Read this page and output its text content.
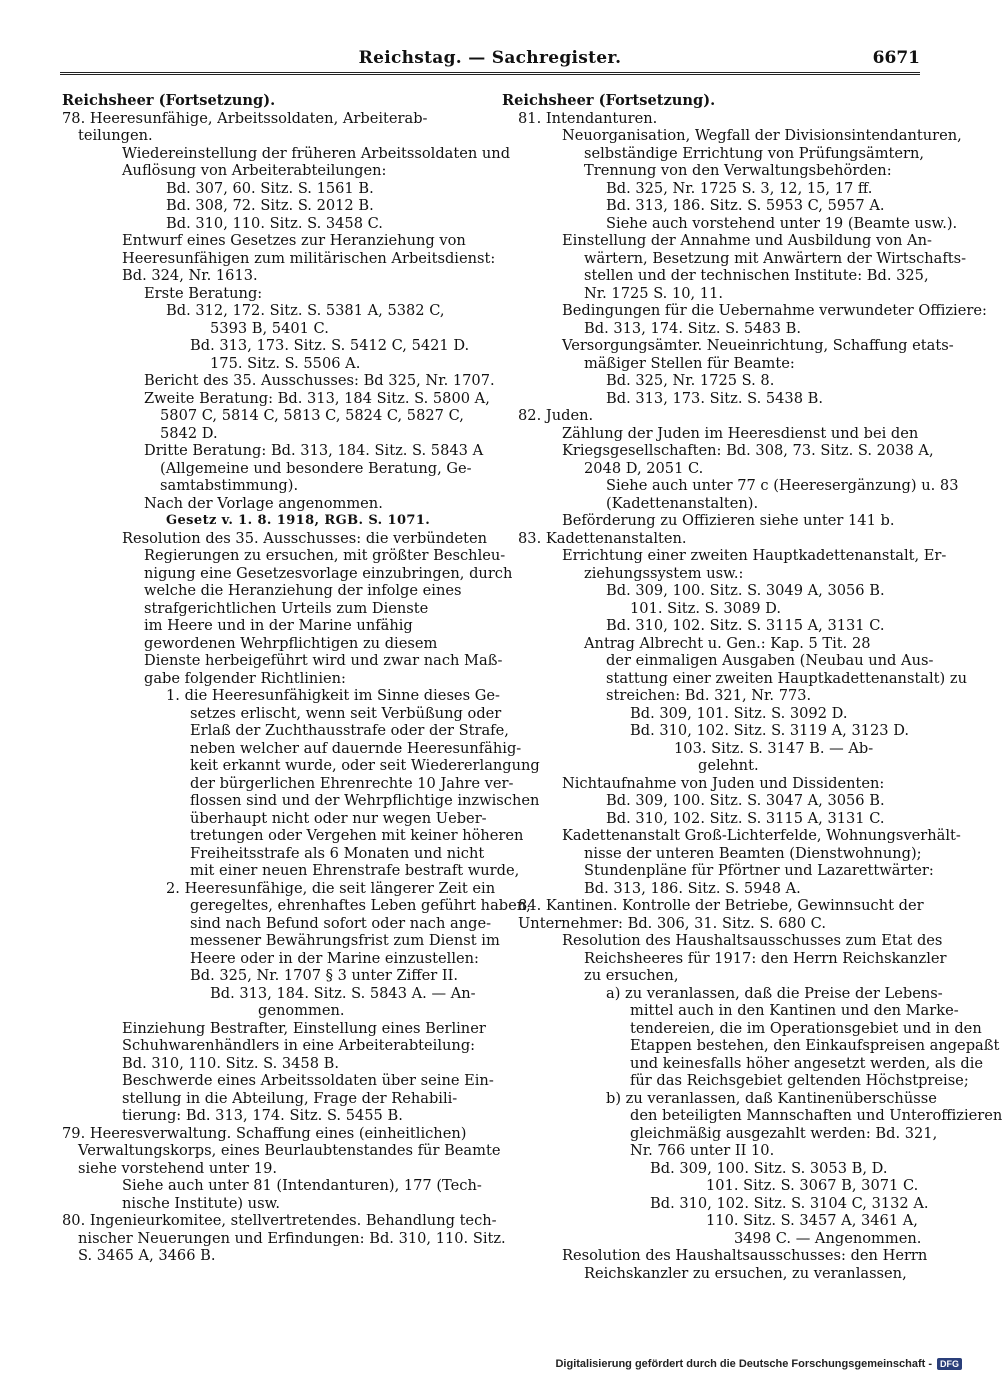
Reichstag. — Sachregister.	6671
Reichsheer (Fortsetzung).
78. Heeresunfähige, Arbeitssoldaten, Arbeiterab-
teilungen.
Wiedereinstellung der früheren Arbeitssoldaten und
Auflösung von Arbeiterabteilungen:
Bd. 307, 60. Sitz. S. 1561 B.
Bd. 308, 72. Sitz. S. 2012 B.
Bd. 310, 110. Sitz. S. 3458 C.
Entwurf eines Gesetzes zur Heranziehung von
Heeresunfähigen zum militärischen Arbeitsdienst:
Bd. 324, Nr. 1613.
Erste Beratung:
Bd. 312, 172. Sitz. S. 5381 A, 5382 C,
5393 B, 5401 C.
Bd. 313, 173. Sitz. S. 5412 C, 5421 D.
175. Sitz. S. 5506 A.
Bericht des 35. Ausschusses: Bd 325, Nr. 1707.
Zweite Beratung: Bd. 313, 184 Sitz. S. 5800 A,
5807 C, 5814 C, 5813 C, 5824 C, 5827 C,
5842 D.
Dritte Beratung: Bd. 313, 184. Sitz. S. 5843 A
(Allgemeine und besondere Beratung, Ge-
samtabstimmung).
Nach der Vorlage angenommen.
Gesetz v. 1. 8. 1918, RGB. S. 1071.
Resolution des 35. Ausschusses: die verbündeten
Regierungen zu ersuchen, mit größter Beschleu-
nigung eine Gesetzesvorlage einzubringen, durch
welche die Heranziehung der infolge eines
strafgerichtlichen Urteils zum Dienste
im Heere und in der Marine unfähig
gewordenen Wehrpflichtigen zu diesem
Dienste herbeigeführt wird und zwar nach Maß-
gabe folgender Richtlinien:
1. die Heeresunfähigkeit im Sinne dieses Ge-
setzes erlischt, wenn seit Verbüßung oder
Erlaß der Zuchthausstrafe oder der Strafe,
neben welcher auf dauernde Heeresunfähig-
keit erkannt wurde, oder seit Wiedererlangung
der bürgerlichen Ehrenrechte 10 Jahre ver-
flossen sind und der Wehrpflichtige inzwischen
überhaupt nicht oder nur wegen Ueber-
tretungen oder Vergehen mit keiner höheren
Freiheitsstrafe als 6 Monaten und nicht
mit einer neuen Ehrenstrafe bestraft wurde,
2. Heeresunfähige, die seit längerer Zeit ein
geregeltes, ehrenhaftes Leben geführt haben,
sind nach Befund sofort oder nach ange-
messener Bewährungsfrist zum Dienst im
Heere oder in der Marine einzustellen:
Bd. 325, Nr. 1707 § 3 unter Ziffer II.
Bd. 313, 184. Sitz. S. 5843 A. — An-
genommen.
Einziehung Bestrafter, Einstellung eines Berliner
Schuhwarenhändlers in eine Arbeiterabteilung:
Bd. 310, 110. Sitz. S. 3458 B.
Beschwerde eines Arbeitssoldaten über seine Ein-
stellung in die Abteilung, Frage der Rehabili-
tierung: Bd. 313, 174. Sitz. S. 5455 B.
79. Heeresverwaltung. Schaffung eines (einheitlichen)
Verwaltungskorps, eines Beurlaubtenstandes für Beamte
siehe vorstehend unter 19.
Siehe auch unter 81 (Intendanturen), 177 (Tech-
nische Institute) usw.
80. Ingenieurkomitee, stellvertretendes. Behandlung tech-
nischer Neuerungen und Erfindungen: Bd. 310, 110. Sitz.
S. 3465 A, 3466 B.
Reichsheer (Fortsetzung).
81. Intendanturen.
Neuorganisation, Wegfall der Divisionsintendanturen,
selbständige Errichtung von Prüfungsämtern,
Trennung von den Verwaltungsbehörden:
Bd. 325, Nr. 1725 S. 3, 12, 15, 17 ff.
Bd. 313, 186. Sitz. S. 5953 C, 5957 A.
Siehe auch vorstehend unter 19 (Beamte usw.).
Einstellung der Annahme und Ausbildung von An-
wärtern, Besetzung mit Anwärtern der Wirtschafts-
stellen und der technischen Institute: Bd. 325,
Nr. 1725 S. 10, 11.
Bedingungen für die Uebernahme verwundeter Offiziere:
Bd. 313, 174. Sitz. S. 5483 B.
Versorgungsämter. Neueinrichtung, Schaffung etats-
mäßiger Stellen für Beamte:
Bd. 325, Nr. 1725 S. 8.
Bd. 313, 173. Sitz. S. 5438 B.
82. Juden.
Zählung der Juden im Heeresdienst und bei den
Kriegsgesellschaften: Bd. 308, 73. Sitz. S. 2038 A,
2048 D, 2051 C.
Siehe auch unter 77 c (Heeresergänzung) u. 83
(Kadettenanstalten).
Beförderung zu Offizieren siehe unter 141 b.
83. Kadettenanstalten.
Errichtung einer zweiten Hauptkadettenanstalt, Er-
ziehungssystem usw.:
Bd. 309, 100. Sitz. S. 3049 A, 3056 B.
101. Sitz. S. 3089 D.
Bd. 310, 102. Sitz. S. 3115 A, 3131 C.
Antrag Albrecht u. Gen.: Kap. 5 Tit. 28
der einmaligen Ausgaben (Neubau und Aus-
stattung einer zweiten Hauptkadettenanstalt) zu
streichen: Bd. 321, Nr. 773.
Bd. 309, 101. Sitz. S. 3092 D.
Bd. 310, 102. Sitz. S. 3119 A, 3123 D.
103. Sitz. S. 3147 B. — Ab-
gelehnt.
Nichtaufnahme von Juden und Dissidenten:
Bd. 309, 100. Sitz. S. 3047 A, 3056 B.
Bd. 310, 102. Sitz. S. 3115 A, 3131 C.
Kadettenanstalt Groß-Lichterfelde, Wohnungsverhält-
nisse der unteren Beamten (Dienstwohnung);
Stundenpläne für Pförtner und Lazarettwärter:
Bd. 313, 186. Sitz. S. 5948 A.
84. Kantinen. Kontrolle der Betriebe, Gewinnsucht der
Unternehmer: Bd. 306, 31. Sitz. S. 680 C.
Resolution des Haushaltsausschusses zum Etat des
Reichsheeres für 1917: den Herrn Reichskanzler
zu ersuchen,
a) zu veranlassen, daß die Preise der Lebens-
mittel auch in den Kantinen und den Marke-
tendereien, die im Operationsgebiet und in den
Etappen bestehen, den Einkaufspreisen angepaßt
und keinesfalls höher angesetzt werden, als die
für das Reichsgebiet geltenden Höchstpreise;
b) zu veranlassen, daß Kantinenüberschüsse
den beteiligten Mannschaften und Unteroffizieren
gleichmäßig ausgezahlt werden: Bd. 321,
Nr. 766 unter II 10.
Bd. 309, 100. Sitz. S. 3053 B, D.
101. Sitz. S. 3067 B, 3071 C.
Bd. 310, 102. Sitz. S. 3104 C, 3132 A.
110. Sitz. S. 3457 A, 3461 A,
3498 C. — Angenommen.
Resolution des Haushaltsausschusses: den Herrn
Reichskanzler zu ersuchen, zu veranlassen,
Digitalisierung gefördert durch die Deutsche Forschungsgemeinschaft - DFG
